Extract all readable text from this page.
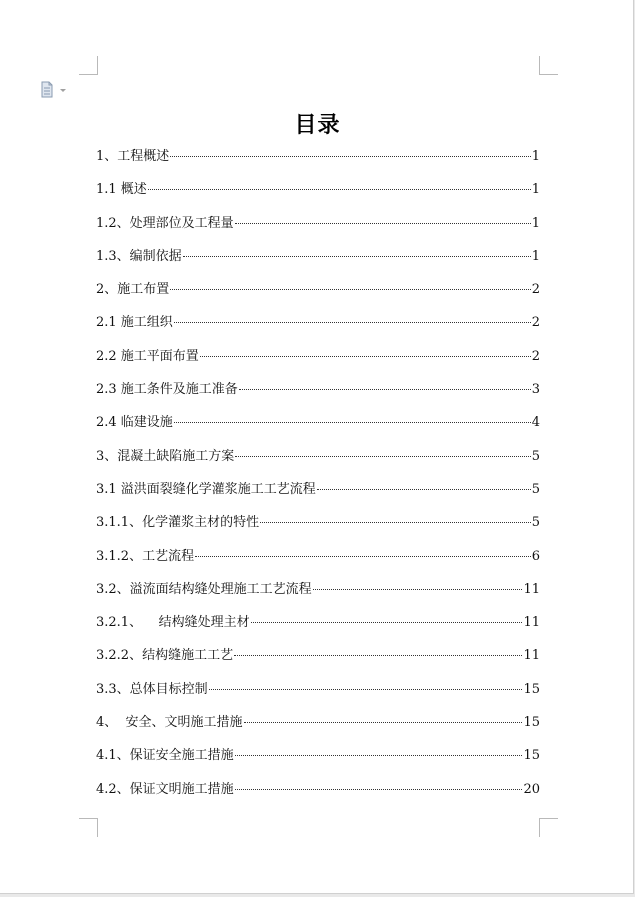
目录
1、工程概述	1
1.1 概述	1
1.2、处理部位及工程量	1
1.3、编制依据	1
2、施工布置	2
2.1 施工组织	2
2.2 施工平面布置	2
2.3 施工条件及施工准备	3
2.4 临建设施	4
3、混凝土缺陷施工方案	5
3.1 溢洪面裂缝化学灌浆施工工艺流程	5
3.1.1、化学灌浆主材的特性	5
3.1.2、工艺流程	6
3.2、溢流面结构缝处理施工工艺流程	11
3.2.1、    结构缝处理主材	11
3.2.2、结构缝施工工艺	11
3.3、总体目标控制	15
4、  安全、文明施工措施	15
4.1、保证安全施工措施	15
4.2、保证文明施工措施	20
